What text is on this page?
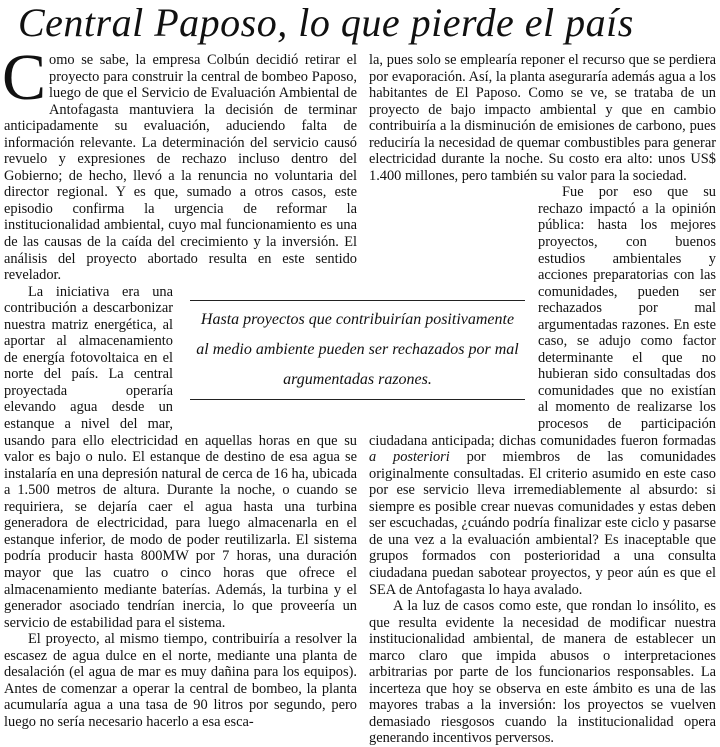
Central Paposo, lo que pierde el país

Como se sabe, la empresa Colbún decidió retirar el proyecto para construir la central de bombeo Paposo, luego de que el Servicio de Evaluación Ambiental de Antofagasta mantuviera la decisión de terminar anticipadamente su evaluación, aduciendo falta de información relevante. La determinación del servicio causó revuelo y expresiones de rechazo incluso dentro del Gobierno; de hecho, llevó a la renuncia no voluntaria del director regional. Y es que, sumado a otros casos, este episodio confirma la urgencia de reformar la institucionalidad ambiental, cuyo mal funcionamiento es una de las causas de la caída del crecimiento y la inversión. El análisis del proyecto abortado resulta en este sentido revelador.

La iniciativa era una contribución a descarbonizar nuestra matriz energética, al aportar al almacenamiento de energía fotovoltaica en el norte del país. La central proyectada operaría elevando agua desde un estanque a nivel del mar, usando para ello electricidad en aquellas horas en que su valor es bajo o nulo. El estanque de destino de esa agua se instalaría en una depresión natural de cerca de 16 ha, ubicada a 1.500 metros de altura. Durante la noche, o cuando se requiriera, se dejaría caer el agua hasta una turbina generadora de electricidad, para luego almacenarla en el estanque inferior, de modo de poder reutilizarla. El sistema podría producir hasta 800MW por 7 horas, una duración mayor que las cuatro o cinco horas que ofrece el almacenamiento mediante baterías. Además, la turbina y el generador asociado tendrían inercia, lo que proveería un servicio de estabilidad para el sistema.

El proyecto, al mismo tiempo, contribuiría a resolver la escasez de agua dulce en el norte, mediante una planta de desalación (el agua de mar es muy dañina para los equipos). Antes de comenzar a operar la central de bombeo, la planta acumularía agua a una tasa de 90 litros por segundo, pero luego no sería necesario hacerlo a esa esca-

la, pues solo se emplearía reponer el recurso que se perdiera por evaporación. Así, la planta aseguraría además agua a los habitantes de El Paposo. Como se ve, se trataba de un proyecto de bajo impacto ambiental y que en cambio contribuiría a la disminución de emisiones de carbono, pues reduciría la necesidad de quemar combustibles para generar electricidad durante la noche. Su costo era alto: unos US$ 1.400 millones, pero también su valor para la sociedad.

Fue por eso que su rechazo impactó a la opinión pública: hasta los mejores proyectos, con buenos estudios ambientales y acciones preparatorias con las comunidades, pueden ser rechazados por mal argumentadas razones. En este caso, se adujo como factor determinante el que no hubieran sido consultadas dos comunidades que no existían al momento de realizarse los procesos de participación ciudadana anticipada; dichas comunidades fueron formadas a posteriori por miembros de las comunidades originalmente consultadas. El criterio asumido en este caso por ese servicio lleva irremediablemente al absurdo: si siempre es posible crear nuevas comunidades y estas deben ser escuchadas, ¿cuándo podría finalizar este ciclo y pasarse de una vez a la evaluación ambiental? Es inaceptable que grupos formados con posterioridad a una consulta ciudadana puedan sabotear proyectos, y peor aún es que el SEA de Antofagasta lo haya avalado.

A la luz de casos como este, que rondan lo insólito, es que resulta evidente la necesidad de modificar nuestra institucionalidad ambiental, de manera de establecer un marco claro que impida abusos o interpretaciones arbitrarias por parte de los funcionarios responsables. La incerteza que hoy se observa en este ámbito es una de las mayores trabas a la inversión: los proyectos se vuelven demasiado riesgosos cuando la institucionalidad opera generando incentivos perversos.

Hasta proyectos que contribuirían positivamente al medio ambiente pueden ser rechazados por mal argumentadas razones.
